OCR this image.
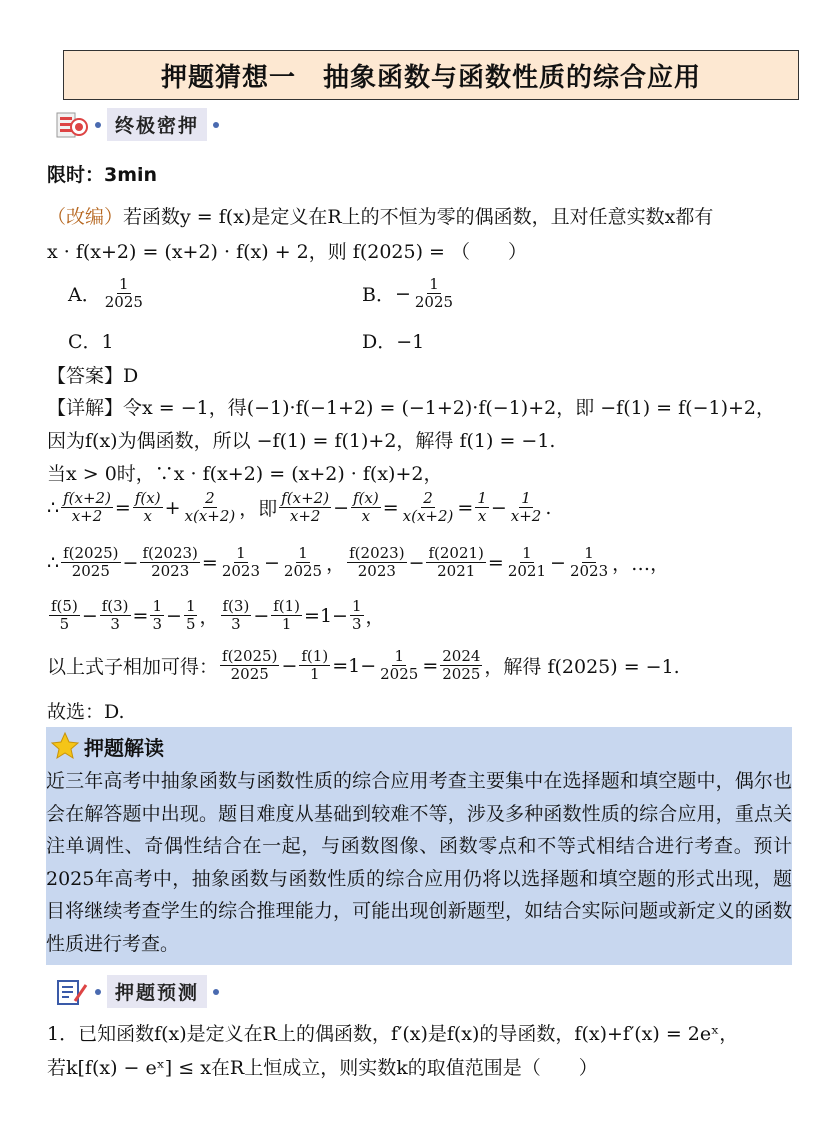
押题猜想一　抽象函数与函数性质的综合应用
终极密押
限时：3min
（改编）若函数y = f(x)是定义在R上的不恒为零的偶函数，且对任意实数x都有
x · f(x+2) = (x+2) · f(x) + 2，则 f(2025) = （　　）
A． $\frac{1}{2025}$	B． − $\frac{1}{2025}$
C．1	D．−1
【答案】D
【详解】令x = −1，得(−1)·f(−1+2) = (−1+2)·f(−1)+2，即 −f(1) = f(−1)+2，
因为f(x)为偶函数，所以 −f(1) = f(1)+2，解得 f(1) = −1.
当x > 0时，∵x · f(x+2) = (x+2) · f(x)+2，
∴ $\frac{f(x+2)}{x+2} = \frac{f(x)}{x} + \frac{2}{x(x+2)}$ ，即 $\frac{f(x+2)}{x+2} - \frac{f(x)}{x} = \frac{2}{x(x+2)} = \frac{1}{x} - \frac{1}{x+2}$ .
∴ $\frac{f(2025)}{2025} - \frac{f(2023)}{2023} = \frac{1}{2023} - \frac{1}{2025}$ ， $\frac{f(2023)}{2023} - \frac{f(2021)}{2021} = \frac{1}{2021} - \frac{1}{2023}$ ，…，
$\frac{f(5)}{5} - \frac{f(3)}{3} = \frac{1}{3} - \frac{1}{5}$ ， $\frac{f(3)}{3} - \frac{f(1)}{1} =1- \frac{1}{3}$ ，
以上式子相加可得： $\frac{f(2025)}{2025} - \frac{f(1)}{1} =1- \frac{1}{2025} = \frac{2024}{2025}$ ，解得 f(2025) = −1.
故选：D.
押题解读
近三年高考中抽象函数与函数性质的综合应用考查主要集中在选择题和填空题中，偶尔也会在解答题中出现。题目难度从基础到较难不等，涉及多种函数性质的综合应用，重点关注单调性、奇偶性结合在一起，与函数图像、函数零点和不等式相结合进行考查。预计2025年高考中，抽象函数与函数性质的综合应用仍将以选择题和填空题的形式出现，题目将继续考查学生的综合推理能力，可能出现创新题型，如结合实际问题或新定义的函数性质进行考查。
押题预测
1．已知函数f(x)是定义在R上的偶函数，f′(x)是f(x)的导函数，f(x)+f′(x) = 2eˣ，
若k[f(x) − eˣ] ≤ x在R上恒成立，则实数k的取值范围是（　　）
